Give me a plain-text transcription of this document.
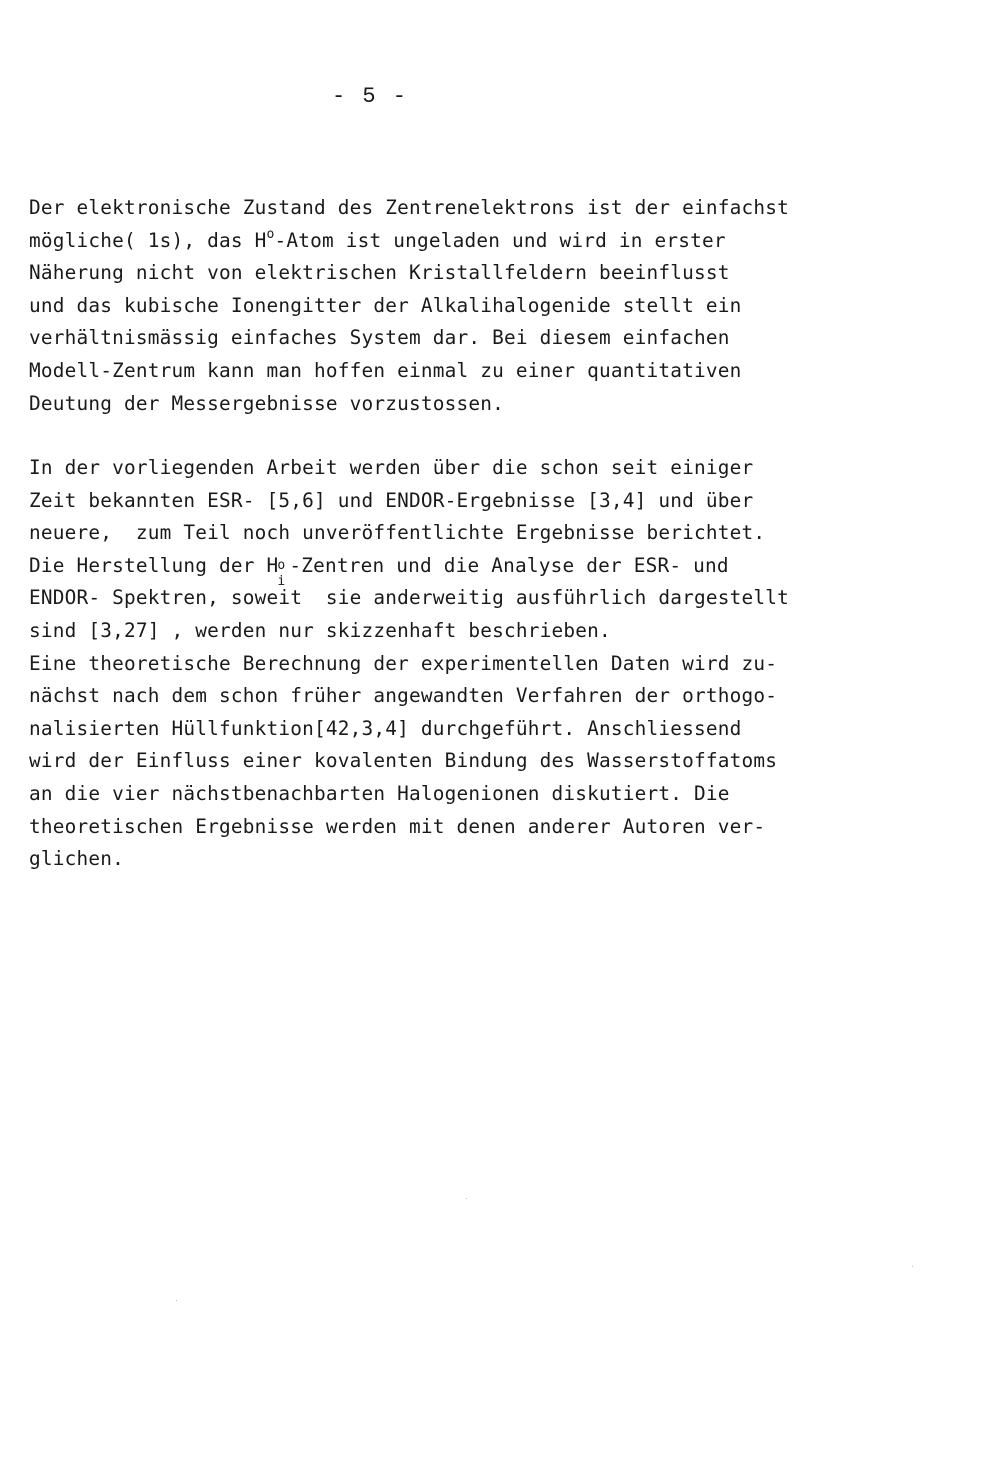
- 5 -
Der elektronische Zustand des Zentrenelektrons ist der einfachst
mögliche( 1s), das $H^o$-Atom ist ungeladen und wird in erster
Näherung nicht von elektrischen Kristallfeldern beeinflusst
und das kubische Ionengitter der Alkalihalogenide stellt ein
verhältnismässig einfaches System dar. Bei diesem einfachen
Modell-Zentrum kann man hoffen einmal zu einer quantitativen
Deutung der Messergebnisse vorzustossen.
In der vorliegenden Arbeit werden über die schon seit einiger
Zeit bekannten ESR- [5,6] und ENDOR-Ergebnisse [3,4] und über
neuere,  zum Teil noch unveröffentlichte Ergebnisse berichtet.
Die Herstellung der H o
i
-Zentren und die Analyse der ESR- und
ENDOR- Spektren, soweit  sie anderweitig ausführlich dargestellt
sind [3,27] , werden nur skizzenhaft beschrieben.
Eine theoretische Berechnung der experimentellen Daten wird zu-
nächst nach dem schon früher angewandten Verfahren der orthogo-
nalisierten Hüllfunktion[42,3,4] durchgeführt. Anschliessend
wird der Einfluss einer kovalenten Bindung des Wasserstoffatoms
an die vier nächstbenachbarten Halogenionen diskutiert. Die
theoretischen Ergebnisse werden mit denen anderer Autoren ver-
glichen.
